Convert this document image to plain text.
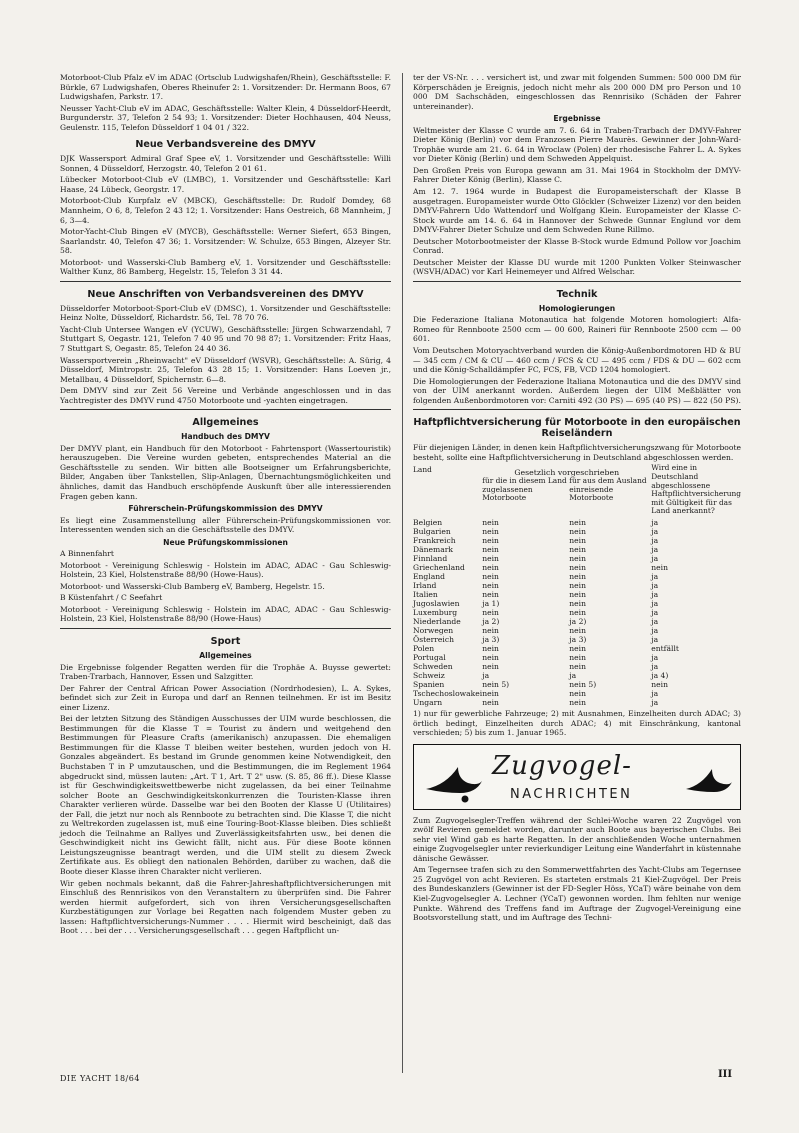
Motorboot-Club Pfalz eV im ADAC (Ortsclub Ludwigshafen/Rhein), Geschäftsstelle: F. Bürkle, 67 Ludwigshafen, Oberes Rheinufer 2: 1. Vorsitzender: Dr. Hermann Boos, 67 Ludwigshafen, Parkstr. 17.

Neusser Yacht-Club eV im ADAC, Geschäftsstelle: Walter Klein, 4 Düsseldorf-Heerdt, Burgunderstr. 37, Telefon 2 54 93; 1. Vorsitzender: Dieter Hochhausen, 404 Neuss, Geulenstr. 115, Telefon Düsseldorf 1 04 01 / 322.

Neue Verbandsvereine des DMYV

DJK Wassersport Admiral Graf Spee eV, 1. Vorsitzender und Geschäftsstelle: Willi Sonnen, 4 Düsseldorf, Herzogstr. 40, Telefon 2 01 61.

Lübecker Motorboot-Club eV (LMBC), 1. Vorsitzender und Geschäftsstelle: Karl Haase, 24 Lübeck, Georgstr. 17.

Motorboot-Club Kurpfalz eV (MBCK), Geschäftsstelle: Dr. Rudolf Domdey, 68 Mannheim, O 6, 8, Telefon 2 43 12; 1. Vorsitzender: Hans Oestreich, 68 Mannheim, J 6, 3—4.

Motor-Yacht-Club Bingen eV (MYCB), Geschäftsstelle: Werner Siefert, 653 Bingen, Saarlandstr. 40, Telefon 47 36; 1. Vorsitzender: W. Schulze, 653 Bingen, Alzeyer Str. 58.

Motorboot- und Wasserski-Club Bamberg eV, 1. Vorsitzender und Geschäftsstelle: Walther Kunz, 86 Bamberg, Hegelstr. 15, Telefon 3 31 44.

Neue Anschriften von Verbandsvereinen des DMYV

Düsseldorfer Motorboot-Sport-Club eV (DMSC), 1. Vorsitzender und Geschäftsstelle: Heinz Nolte, Düsseldorf, Richardstr. 56, Tel. 78 70 76.

Yacht-Club Untersee Wangen eV (YCUW), Geschäftsstelle: Jürgen Schwarzendahl, 7 Stuttgart S, Oegastr. 121, Telefon 7 40 95 und 70 98 87; 1. Vorsitzender: Fritz Haas, 7 Stuttgart S, Oegastr. 85, Telefon 24 40 36.

Wassersportverein „Rheinwacht" eV Düsseldorf (WSVR), Geschäftsstelle: A. Sürig, 4 Düsseldorf, Mintropstr. 25, Telefon 43 28 15; 1. Vorsitzender: Hans Loeven jr., Metallbau, 4 Düsseldorf, Spichernstr. 6—8.

Dem DMYV sind zur Zeit 56 Vereine und Verbände angeschlossen und in das Yachtregister des DMYV rund 4750 Motorboote und -yachten eingetragen.

Allgemeines
Handbuch des DMYV

Der DMYV plant, ein Handbuch für den Motorboot - Fahrtensport (Wassertouristik) herauszugeben. Die Vereine wurden gebeten, entsprechendes Material an die Geschäftsstelle zu senden. Wir bitten alle Bootseigner um Erfahrungsberichte, Bilder, Angaben über Tankstellen, Slip-Anlagen, Übernachtungsmöglichkeiten und ähnliches, damit das Handbuch erschöpfende Auskunft über alle interessierenden Fragen geben kann.

Führerschein-Prüfungskommission des DMYV

Es liegt eine Zusammenstellung aller Führerschein-Prüfungskommissionen vor. Interessenten wenden sich an die Geschäftsstelle des DMYV.

Neue Prüfungskommissionen

A Binnenfahrt

Motorboot - Vereinigung Schleswig - Holstein im ADAC, ADAC - Gau Schleswig-Holstein, 23 Kiel, Holstenstraße 88/90 (Howe-Haus).

Motorboot- und Wasserski-Club Bamberg eV, Bamberg, Hegelstr. 15.

B Küstenfahrt / C Seefahrt

Motorboot - Vereinigung Schleswig - Holstein im ADAC, ADAC - Gau Schleswig-Holstein, 23 Kiel, Holstenstraße 88/90 (Howe-Haus)

Sport
Allgemeines

Die Ergebnisse folgender Regatten werden für die Trophäe A. Buysse gewertet: Traben-Trarbach, Hannover, Essen und Salzgitter.

Der Fahrer der Central African Power Association (Nordrhodesien), L. A. Sykes, befindet sich zur Zeit in Europa und darf an Rennen teilnehmen. Er ist im Besitz einer Lizenz.

Bei der letzten Sitzung des Ständigen Ausschusses der UIM wurde beschlossen, die Bestimmungen für die Klasse T = Tourist zu ändern und weitgehend den Bestimmungen für Pleasure Crafts (amerikanisch) anzupassen. Die ehemaligen Bestimmungen für die Klasse T bleiben weiter bestehen, wurden jedoch von H. Gonzales abgeändert. Es bestand im Grunde genommen keine Notwendigkeit, den Buchstaben T in P umzutauschen, und die Bestimmungen, die im Reglement 1964 abgedruckt sind, müssen lauten: „Art. T 1, Art. T 2" usw. (S. 85, 86 ff.). Diese Klasse ist für Geschwindigkeitswettbewerbe nicht zugelassen, da bei einer Teilnahme solcher Boote an Geschwindigkeitskonkurrenzen die Touristen-Klasse ihren Charakter verlieren würde. Dasselbe war bei den Booten der Klasse U (Utilitaires) der Fall, die jetzt nur noch als Rennboote zu betrachten sind. Die Klasse T, die nicht zu Weltrekorden zugelassen ist, muß eine Touring-Boot-Klasse bleiben. Dies schließt jedoch die Teilnahme an Rallyes und Zuverlässigkeitsfahrten usw., bei denen die Geschwindigkeit nicht ins Gewicht fällt, nicht aus. Für diese Boote können Leistungszeugnisse beantragt werden, und die UIM stellt zu diesem Zweck Zertifikate aus. Es obliegt den nationalen Behörden, darüber zu wachen, daß die Boote dieser Klasse ihren Charakter nicht verlieren.

Wir geben nochmals bekannt, daß die Fahrer-Jahreshaftpflichtversicherungen mit Einschluß des Rennrisikos von den Veranstaltern zu überprüfen sind. Die Fahrer werden hiermit aufgefordert, sich von ihren Versicherungsgesellschaften Kurzbestätigungen zur Vorlage bei Regatten nach folgendem Muster geben zu lassen: Haftpflichtversicherungs-Nummer . . . . Hiermit wird bescheinigt, daß das Boot . . . bei der . . . Versicherungsgesellschaft . . . gegen Haftpflicht un-

ter der VS-Nr. . . . versichert ist, und zwar mit folgenden Summen: 500 000 DM für Körperschäden je Ereignis, jedoch nicht mehr als 200 000 DM pro Person und 10 000 DM Sachschäden, eingeschlossen das Rennrisiko (Schäden der Fahrer untereinander).

Ergebnisse

Weltmeister der Klasse C wurde am 7. 6. 64 in Traben-Trarbach der DMYV-Fahrer Dieter König (Berlin) vor dem Franzosen Pierre Maurès. Gewinner der John-Ward-Trophäe wurde am 21. 6. 64 in Wroclaw (Polen) der rhodesische Fahrer L. A. Sykes vor Dieter König (Berlin) und dem Schweden Appelquist.

Den Großen Preis von Europa gewann am 31. Mai 1964 in Stockholm der DMYV-Fahrer Dieter König (Berlin), Klasse C.

Am 12. 7. 1964 wurde in Budapest die Europameisterschaft der Klasse B ausgetragen. Europameister wurde Otto Glöckler (Schweizer Lizenz) vor den beiden DMYV-Fahrern Udo Wattendorf und Wolfgang Klein. Europameister der Klasse C-Stock wurde am 14. 6. 64 in Hannover der Schwede Gunnar Englund vor dem DMYV-Fahrer Dieter Schulze und dem Schweden Rune Rillmo.

Deutscher Motorbootmeister der Klasse B-Stock wurde Edmund Pollow vor Joachim Conrad.

Deutscher Meister der Klasse DU wurde mit 1200 Punkten Volker Steinwascher (WSVH/ADAC) vor Karl Heinemeyer und Alfred Welschar.

Technik
Homologierungen

Die Federazione Italiana Motonautica hat folgende Motoren homologiert: Alfa-Romeo für Rennboote 2500 ccm — 00 600, Raineri für Rennboote 2500 ccm — 00 601.

Vom Deutschen Motoryachtverband wurden die König-Außenbordmotoren HD & BU — 345 ccm / CM & CU — 460 ccm / FCS & CU — 495 ccm / FDS & DU — 602 ccm und die König-Schalldämpfer FC, FCS, FB, VCD 1204 homologiert.

Die Homologierungen der Federazione Italiana Motonautica und die des DMYV sind von der UIM anerkannt worden. Außerdem liegen der UIM Meßblätter von folgenden Außenbordmotoren vor: Carniti 492 (30 PS) — 695 (40 PS) — 822 (50 PS).

Haftpflichtversicherung für Motorboote in den europäischen Reiseländern

Für diejenigen Länder, in denen kein Haftpflichtversicherungszwang für Motorboote besteht, sollte eine Haftpflichtversicherung in Deutschland abgeschlossen werden.

Land	Gesetzlich vorgeschrieben		Wird eine in Deutschland abgeschlossene Haftpflichtversicherung mit Gültigkeit für das Land anerkannt?
	für die in diesem Land zugelassenen Motorboote	für aus dem Ausland einreisende Motorboote	

Belgien	nein	nein	ja
Bulgarien	nein	nein	ja
Frankreich	nein	nein	ja
Dänemark	nein	nein	ja
Finnland	nein	nein	ja
Griechenland	nein	nein	nein
England	nein	nein	ja
Irland	nein	nein	ja
Italien	nein	nein	ja
Jugoslawien	ja 1)	nein	ja
Luxemburg	nein	nein	ja
Niederlande	ja 2)	ja 2)	ja
Norwegen	nein	nein	ja
Österreich	ja 3)	ja 3)	ja
Polen	nein	nein	entfällt
Portugal	nein	nein	ja
Schweden	nein	nein	ja
Schweiz	ja	ja	ja 4)
Spanien	nein 5)	nein 5)	nein
Tschechoslowakei	nein	nein	ja
Ungarn	nein	nein	ja

1) nur für gewerbliche Fahrzeuge; 2) mit Ausnahmen, Einzelheiten durch ADAC; 3) örtlich bedingt, Einzelheiten durch ADAC; 4) mit Einschränkung, kantonal verschieden; 5) bis zum 1. Januar 1965.

Zugvogel-
NACHRICHTEN

Zum Zugvogelsegler-Treffen während der Schlei-Woche waren 22 Zugvögel von zwölf Revieren gemeldet worden, darunter auch Boote aus bayerischen Clubs. Bei sehr viel Wind gab es harte Regatten. In der anschließenden Woche unternahmen einige Zugvogelsegler unter revierkundiger Leitung eine Wanderfahrt in küstennahe dänische Gewässer.

Am Tegernsee trafen sich zu den Sommerwettfahrten des Yacht-Clubs am Tegernsee 25 Zugvögel von acht Revieren. Es starteten erstmals 21 Kiel-Zugvögel. Der Preis des Bundeskanzlers (Gewinner ist der FD-Segler Höss, YCaT) wäre beinahe von dem Kiel-Zugvogelsegler A. Lechner (YCaT) gewonnen worden. Ihm fehlten nur wenige Punkte. Während des Treffens fand im Auftrage der Zugvogel-Vereinigung eine Bootsvorstellung statt, und im Auftrage des Techni-

DIE YACHT 18/64	III
